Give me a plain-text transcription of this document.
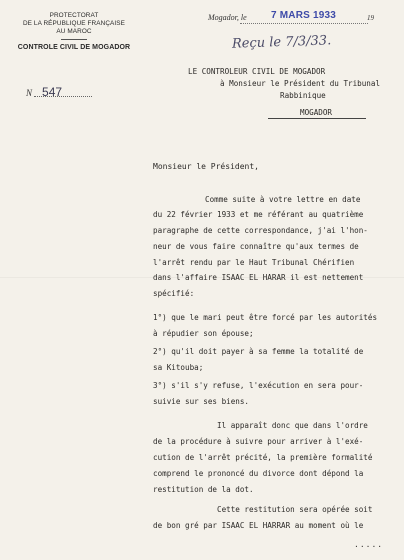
PROTECTORAT
DE LA RÉPUBLIQUE FRANÇAISE
AU MAROC
CONTROLE CIVIL DE MOGADOR
N 547
Mogador, le 7 MARS 1933	19
Reçu le 7/3/33.
LE CONTROLEUR CIVIL DE MOGADOR
à Monsieur le Président du Tribunal
Rabbinique
MOGADOR
Monsieur le Président,
Comme suite à votre lettre en date
du 22 février 1933 et me référant au quatrième
paragraphe de cette correspondance, j'ai l'hon-
neur de vous faire connaître qu'aux termes de
l'arrêt rendu par le Haut Tribunal Chérifien
dans l'affaire ISAAC EL HARAR il est nettement
spécifié:
1°) que le mari peut être forcé par les autorités
à répudier son épouse;
2°) qu'il doit payer à sa femme la totalité de
sa Kitouba;
3°) s'il s'y refuse, l'exécution en sera pour-
suivie sur ses biens.
Il apparaît donc que dans l'ordre
de la procédure à suivre pour arriver à l'exé-
cution de l'arrêt précité, la première formalité
comprend le prononcé du divorce dont dépond la
restitution de la dot.
Cette restitution sera opérée soit
de bon gré par ISAAC EL HARRAR au moment où le
.....
